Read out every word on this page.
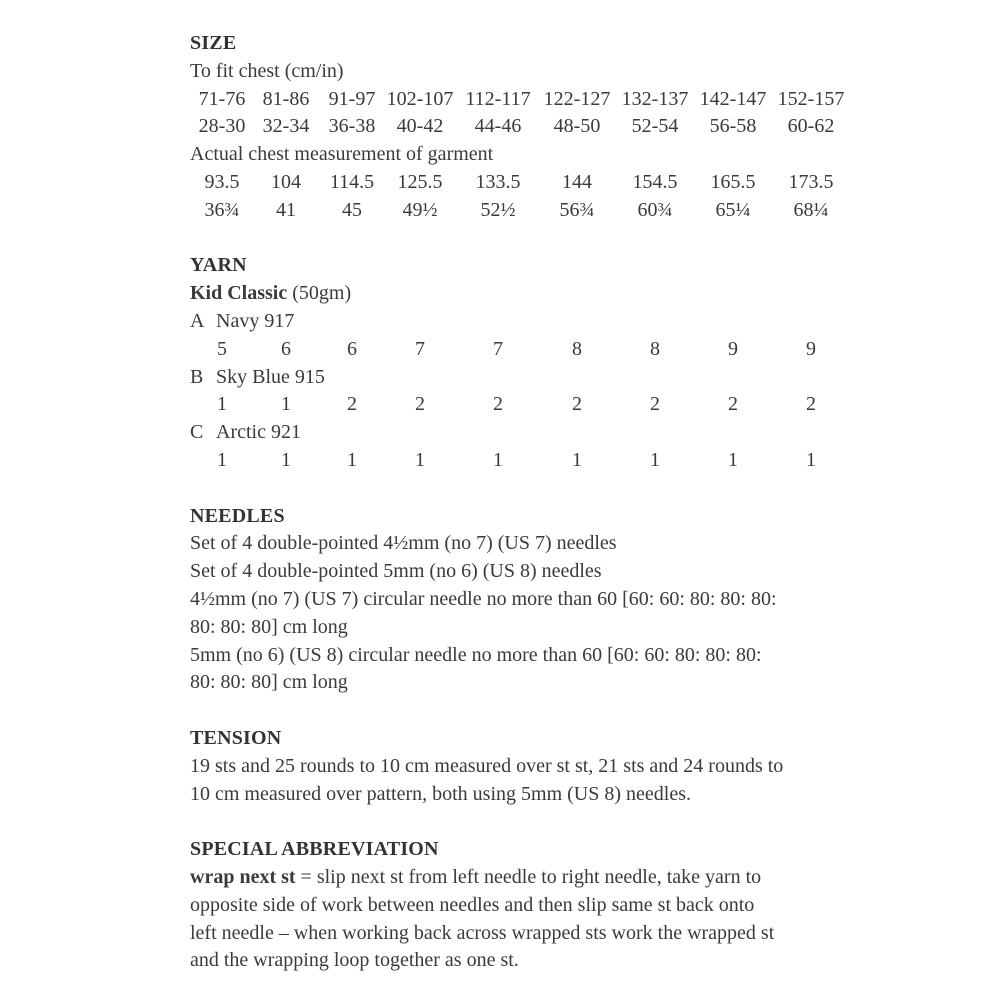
SIZE
To fit chest (cm/in)
71-76 81-86 91-97 102-107 112-117 122-127 132-137 142-147 152-157
28-30 32-34 36-38 40-42 44-46 48-50 52-54 56-58 60-62
Actual chest measurement of garment
93.5 104 114.5 125.5 133.5 144 154.5 165.5 173.5
36¾ 41 45 49½ 52½ 56¾ 60¾ 65¼ 68¼
YARN
Kid Classic (50gm)
A Navy 917
5	6	6	7	7	8	8	9	9
B Sky Blue 915
1	1	2	2	2	2	2	2	2
C Arctic 921
1	1	1	1	1	1	1	1	1
NEEDLES
Set of 4 double-pointed 4½mm (no 7) (US 7) needles
Set of 4 double-pointed 5mm (no 6) (US 8) needles
4½mm (no 7) (US 7) circular needle no more than 60 [60: 60: 80: 80: 80:
80: 80: 80] cm long
5mm (no 6) (US 8) circular needle no more than 60 [60: 60: 80: 80: 80:
80: 80: 80] cm long
TENSION
19 sts and 25 rounds to 10 cm measured over st st, 21 sts and 24 rounds to
10 cm measured over pattern, both using 5mm (US 8) needles.
SPECIAL ABBREVIATION
wrap next st = slip next st from left needle to right needle, take yarn to
opposite side of work between needles and then slip same st back onto
left needle – when working back across wrapped sts work the wrapped st
and the wrapping loop together as one st.
